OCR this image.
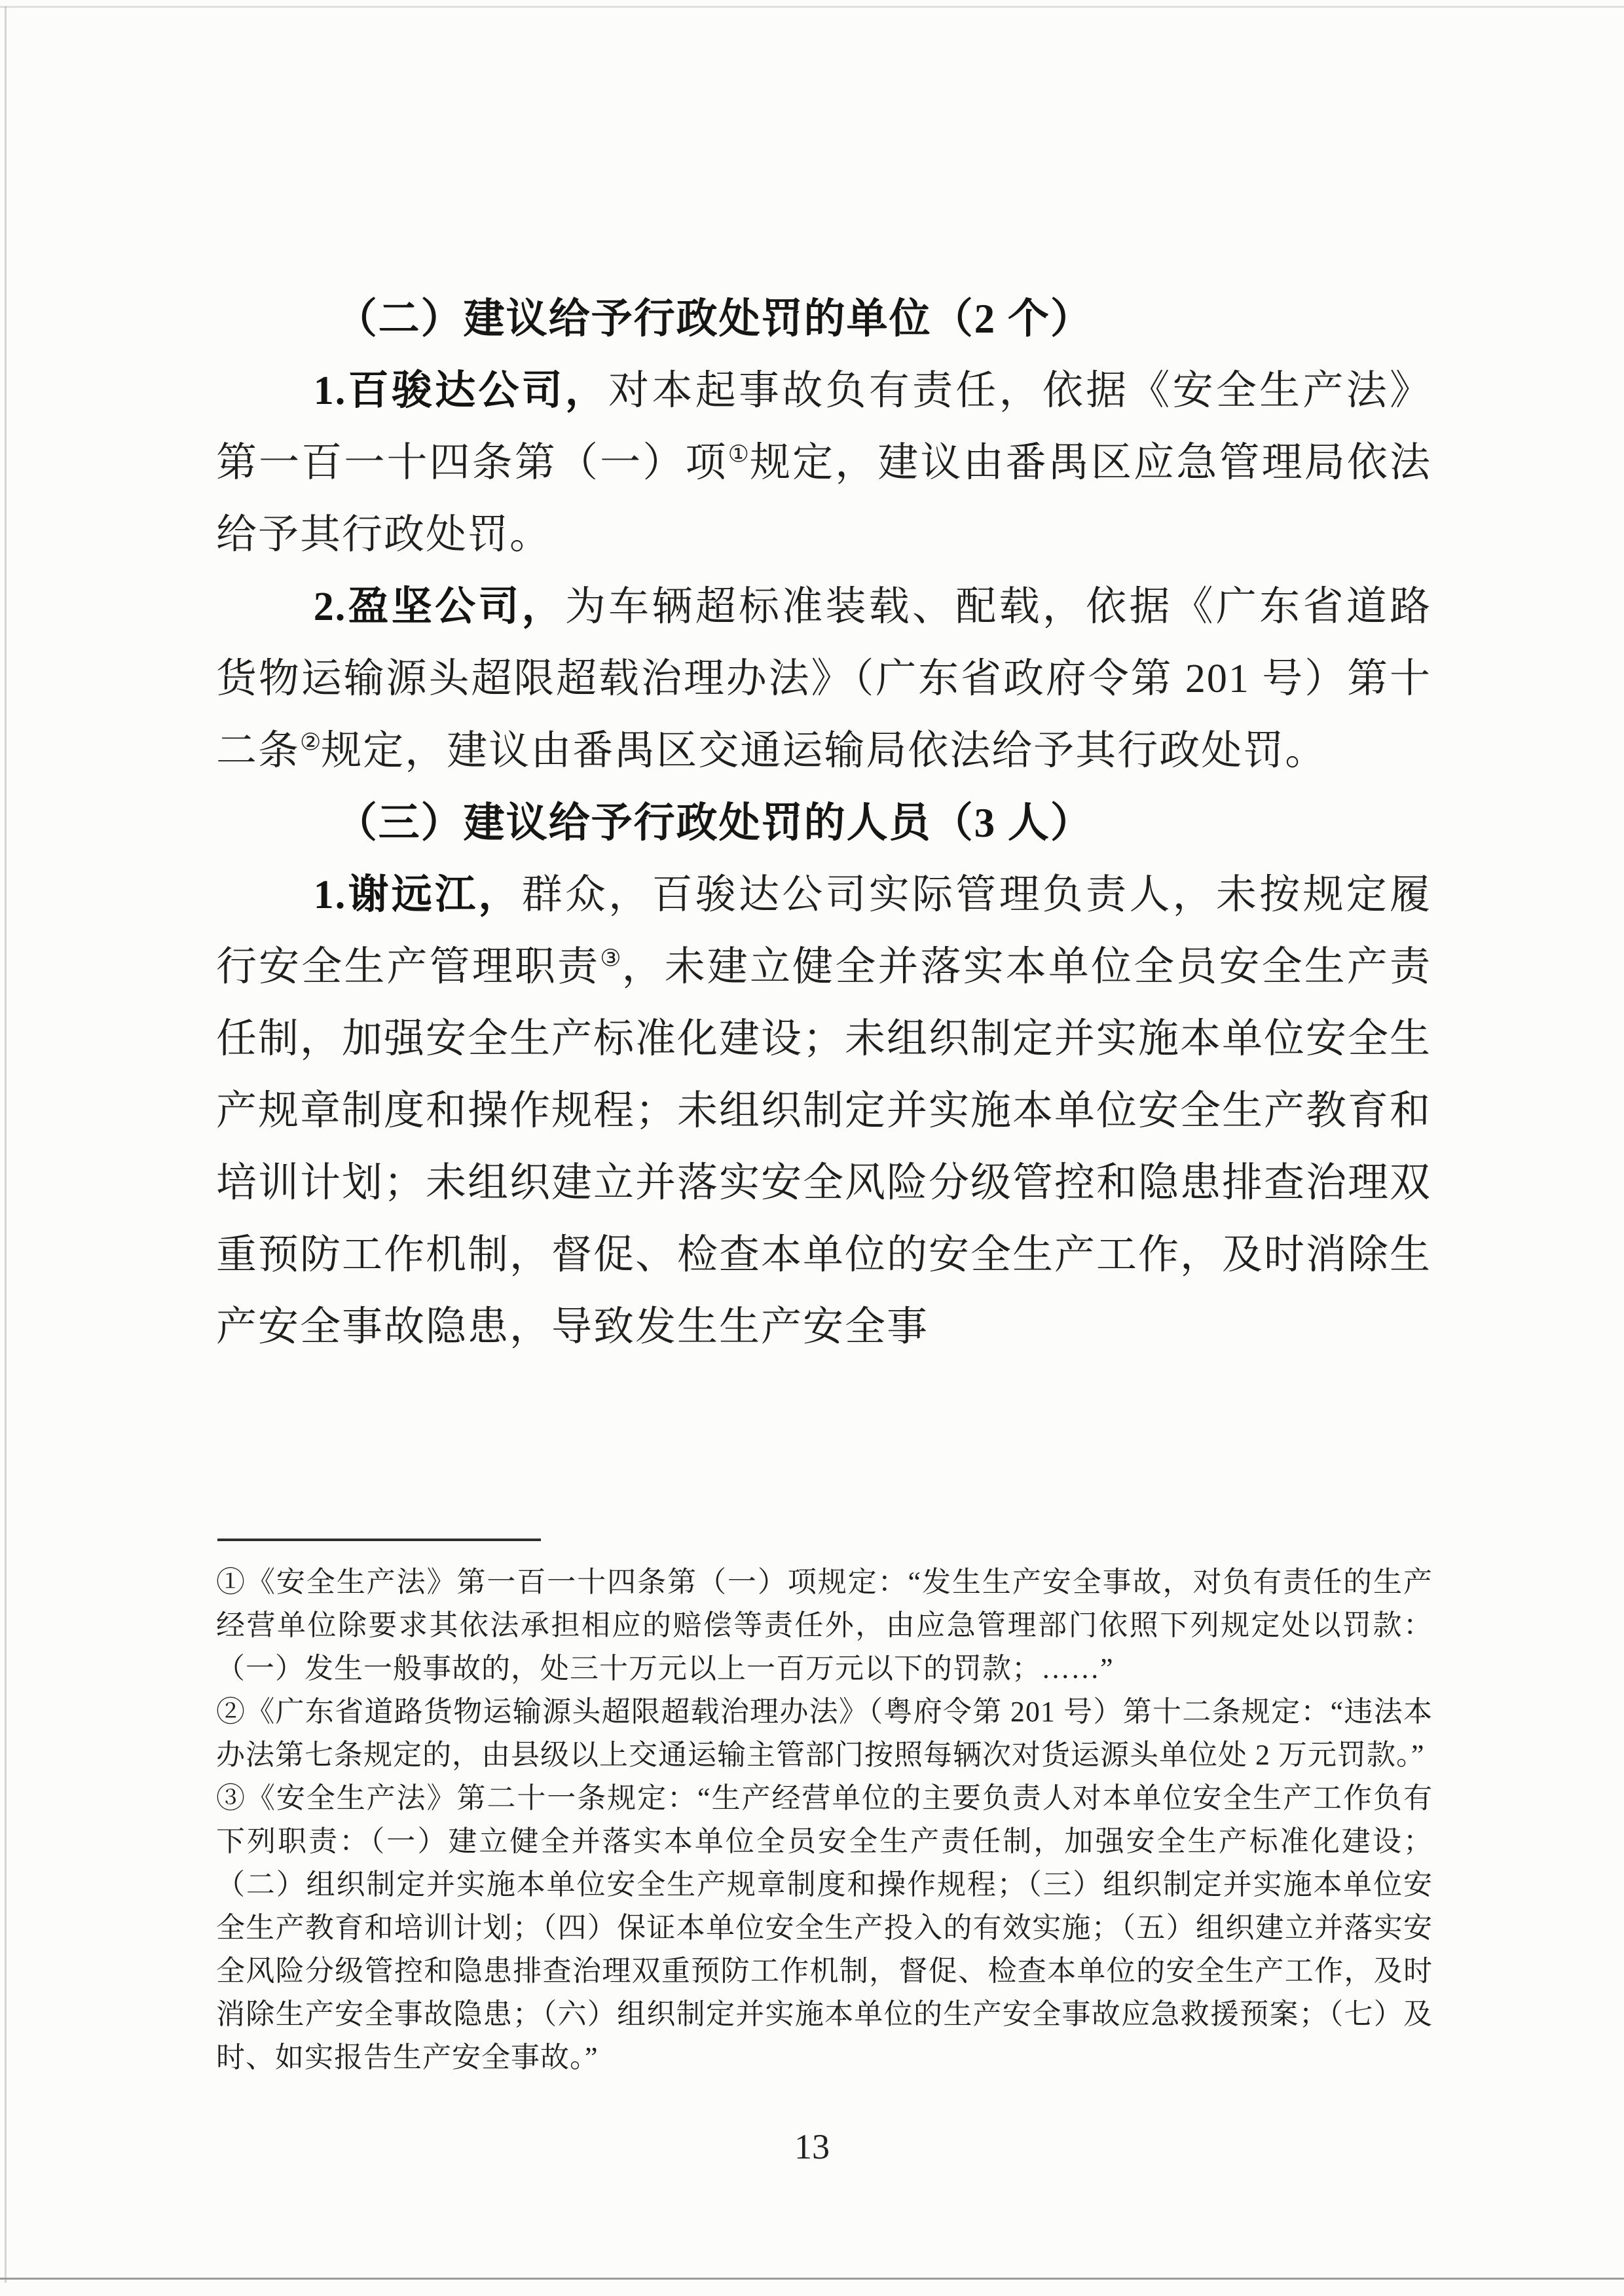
（二）建议给予行政处罚的单位（2 个）

1.百骏达公司，对本起事故负有责任，依据《安全生产法》第一百一十四条第（一）项①规定，建议由番禺区应急管理局依法给予其行政处罚。

2.盈坚公司，为车辆超标准装载、配载，依据《广东省道路货物运输源头超限超载治理办法》（广东省政府令第 201 号）第十二条②规定，建议由番禺区交通运输局依法给予其行政处罚。

（三）建议给予行政处罚的人员（3 人）

1.谢远江，群众，百骏达公司实际管理负责人，未按规定履行安全生产管理职责③，未建立健全并落实本单位全员安全生产责任制，加强安全生产标准化建设；未组织制定并实施本单位安全生产规章制度和操作规程；未组织制定并实施本单位安全生产教育和培训计划；未组织建立并落实安全风险分级管控和隐患排查治理双重预防工作机制，督促、检查本单位的安全生产工作，及时消除生产安全事故隐患，导致发生生产安全事

①《安全生产法》第一百一十四条第（一）项规定：“发生生产安全事故，对负有责任的生产经营单位除要求其依法承担相应的赔偿等责任外，由应急管理部门依照下列规定处以罚款：（一）发生一般事故的，处三十万元以上一百万元以下的罚款；……”
②《广东省道路货物运输源头超限超载治理办法》（粤府令第 201 号）第十二条规定：“违法本办法第七条规定的，由县级以上交通运输主管部门按照每辆次对货运源头单位处 2 万元罚款。”
③《安全生产法》第二十一条规定：“生产经营单位的主要负责人对本单位安全生产工作负有下列职责：（一）建立健全并落实本单位全员安全生产责任制，加强安全生产标准化建设；（二）组织制定并实施本单位安全生产规章制度和操作规程；（三）组织制定并实施本单位安全生产教育和培训计划；（四）保证本单位安全生产投入的有效实施；（五）组织建立并落实安全风险分级管控和隐患排查治理双重预防工作机制，督促、检查本单位的安全生产工作，及时消除生产安全事故隐患；（六）组织制定并实施本单位的生产安全事故应急救援预案；（七）及时、如实报告生产安全事故。”
13
